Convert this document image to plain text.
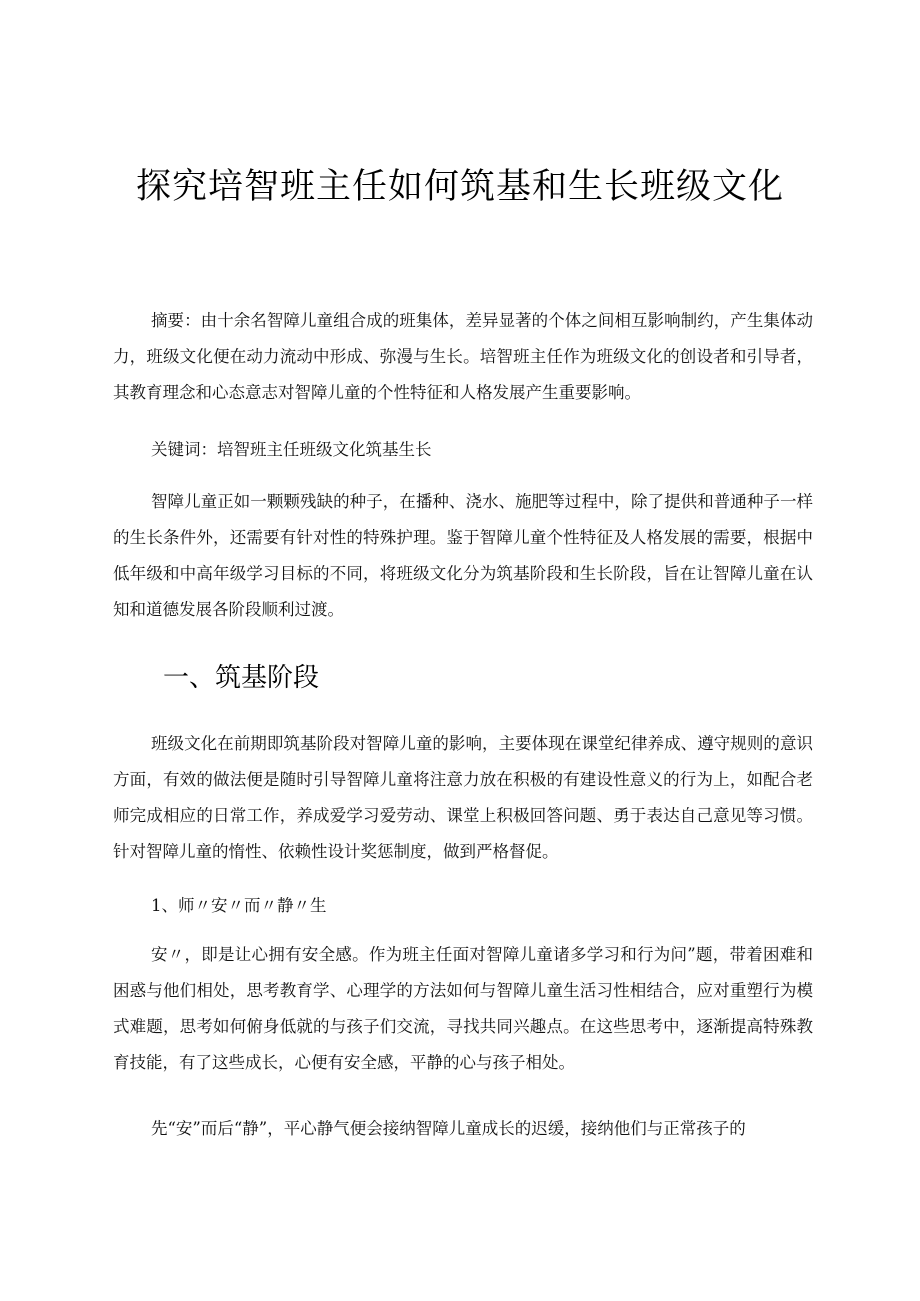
探究培智班主任如何筑基和生长班级文化

摘要：由十余名智障儿童组合成的班集体，差异显著的个体之间相互影响制约，产生集体动力，班级文化便在动力流动中形成、弥漫与生长。培智班主任作为班级文化的创设者和引导者，其教育理念和心态意志对智障儿童的个性特征和人格发展产生重要影响。

关键词：培智班主任班级文化筑基生长

智障儿童正如一颗颗残缺的种子，在播种、浇水、施肥等过程中，除了提供和普通种子一样的生长条件外，还需要有针对性的特殊护理。鉴于智障儿童个性特征及人格发展的需要，根据中低年级和中高年级学习目标的不同，将班级文化分为筑基阶段和生长阶段，旨在让智障儿童在认知和道德发展各阶段顺利过渡。

一、筑基阶段

班级文化在前期即筑基阶段对智障儿童的影响，主要体现在课堂纪律养成、遵守规则的意识方面，有效的做法便是随时引导智障儿童将注意力放在积极的有建设性意义的行为上，如配合老师完成相应的日常工作，养成爱学习爱劳动、课堂上积极回答问题、勇于表达自己意见等习惯。针对智障儿童的惰性、依赖性设计奖惩制度，做到严格督促。

1、师〃安〃而〃静〃生

安〃，即是让心拥有安全感。作为班主任面对智障儿童诸多学习和行为问”题，带着困难和困惑与他们相处，思考教育学、心理学的方法如何与智障儿童生活习性相结合，应对重塑行为模式难题，思考如何俯身低就的与孩子们交流，寻找共同兴趣点。在这些思考中，逐渐提高特殊教育技能，有了这些成长，心便有安全感，平静的心与孩子相处。

先“安”而后“静”，平心静气便会接纳智障儿童成长的迟缓，接纳他们与正常孩子的
